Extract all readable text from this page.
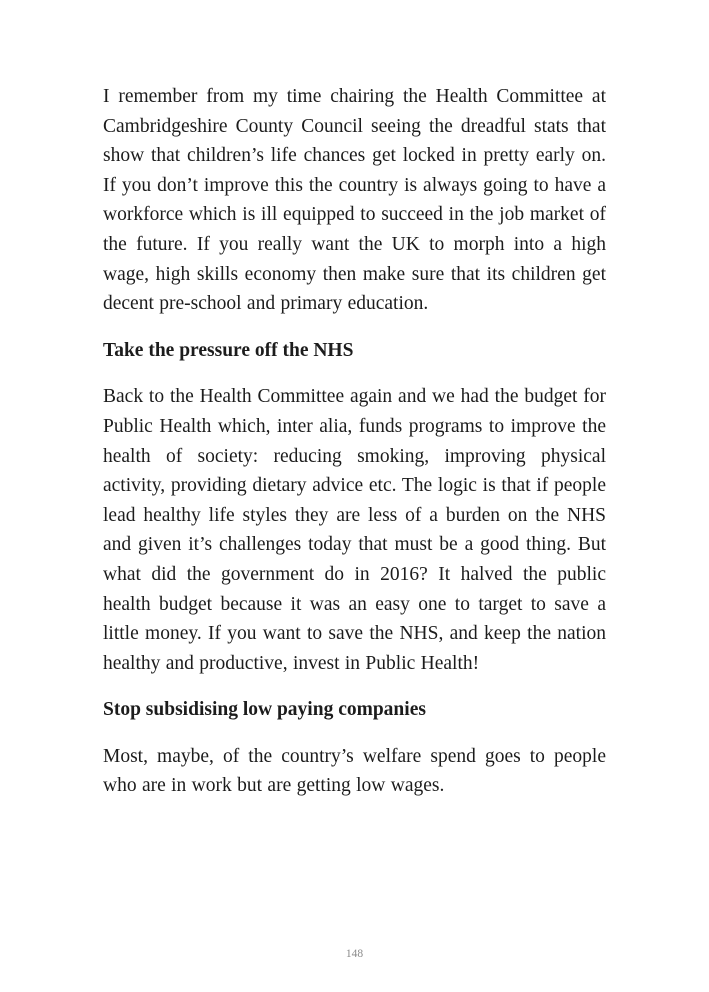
I remember from my time chairing the Health Committee at Cambridgeshire County Council seeing the dreadful stats that show that children’s life chances get locked in pretty early on. If you don’t improve this the country is always going to have a workforce which is ill equipped to succeed in the job market of the future. If you really want the UK to morph into a high wage, high skills economy then make sure that its children get decent pre-school and primary education.

Take the pressure off the NHS

Back to the Health Committee again and we had the budget for Public Health which, inter alia, funds programs to improve the health of society: reducing smoking, improving physical activity, providing dietary advice etc. The logic is that if people lead healthy life styles they are less of a burden on the NHS and given it’s challenges today that must be a good thing. But what did the government do in 2016? It halved the public health budget because it was an easy one to target to save a little money. If you want to save the NHS, and keep the nation healthy and productive, invest in Public Health!

Stop subsidising low paying companies

Most, maybe, of the country’s welfare spend goes to people who are in work but are getting low wages.

148
